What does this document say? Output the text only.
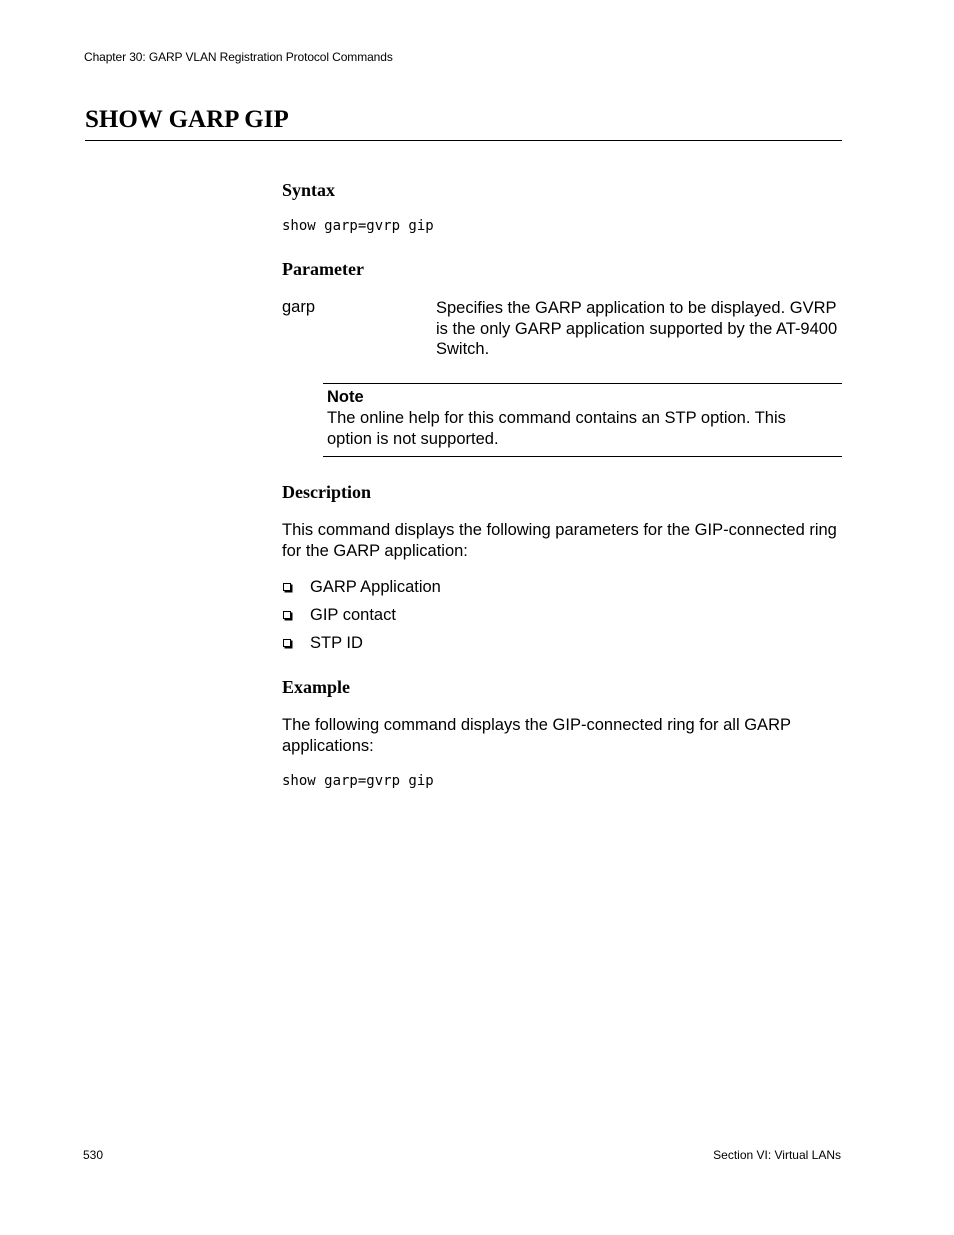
Chapter 30: GARP VLAN Registration Protocol Commands
SHOW GARP GIP
Syntax
show garp=gvrp gip
Parameter
garp	Specifies the GARP application to be displayed. GVRP is the only GARP application supported by the AT-9400 Switch.
Note
The online help for this command contains an STP option. This option is not supported.
Description
This command displays the following parameters for the GIP-connected ring for the GARP application:
GARP Application
GIP contact
STP ID
Example
The following command displays the GIP-connected ring for all GARP applications:
show garp=gvrp gip
530	Section VI: Virtual LANs
